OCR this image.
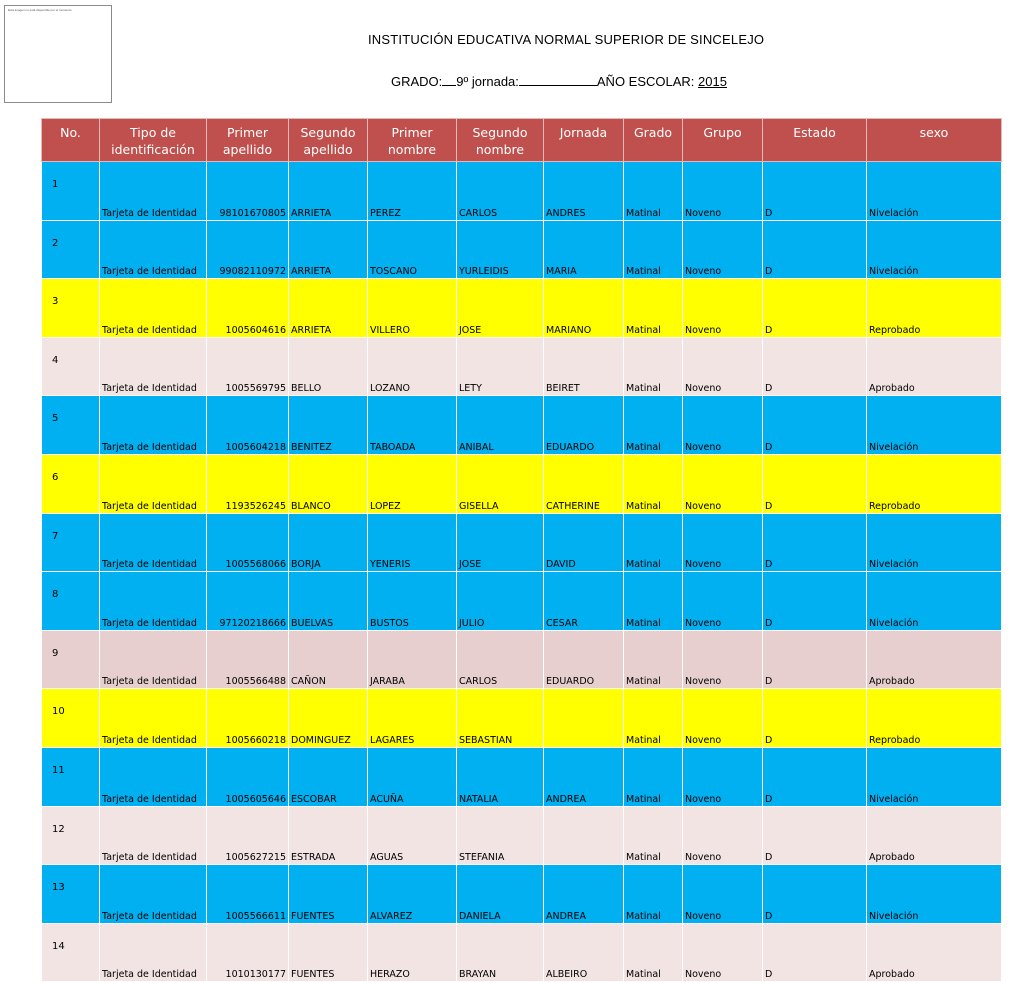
Esta imagen no está disponible por el momento
INSTITUCIÓN EDUCATIVA NORMAL SUPERIOR DE SINCELEJO
GRADO: 9º jornada:	AÑO ESCOLAR: 2015
No.	Tipo de identificación	Primer apellido	Segundo apellido	Primer nombre	Segundo nombre	Jornada	Grado	Grupo	Estado	sexo
1	Tarjeta de Identidad	98101670805	ARRIETA	PEREZ	CARLOS	ANDRES	Matinal	Noveno	D	Nivelación
2	Tarjeta de Identidad	99082110972	ARRIETA	TOSCANO	YURLEIDIS	MARIA	Matinal	Noveno	D	Nivelación
3	Tarjeta de Identidad	1005604616	ARRIETA	VILLERO	JOSE	MARIANO	Matinal	Noveno	D	Reprobado
4	Tarjeta de Identidad	1005569795	BELLO	LOZANO	LETY	BEIRET	Matinal	Noveno	D	Aprobado
5	Tarjeta de Identidad	1005604218	BENITEZ	TABOADA	ANIBAL	EDUARDO	Matinal	Noveno	D	Nivelación
6	Tarjeta de Identidad	1193526245	BLANCO	LOPEZ	GISELLA	CATHERINE	Matinal	Noveno	D	Reprobado
7	Tarjeta de Identidad	1005568066	BORJA	YENERIS	JOSE	DAVID	Matinal	Noveno	D	Nivelación
8	Tarjeta de Identidad	97120218666	BUELVAS	BUSTOS	JULIO	CESAR	Matinal	Noveno	D	Nivelación
9	Tarjeta de Identidad	1005566488	CAÑON	JARABA	CARLOS	EDUARDO	Matinal	Noveno	D	Aprobado
10	Tarjeta de Identidad	1005660218	DOMINGUEZ	LAGARES	SEBASTIAN		Matinal	Noveno	D	Reprobado
11	Tarjeta de Identidad	1005605646	ESCOBAR	ACUÑA	NATALIA	ANDREA	Matinal	Noveno	D	Nivelación
12	Tarjeta de Identidad	1005627215	ESTRADA	AGUAS	STEFANIA		Matinal	Noveno	D	Aprobado
13	Tarjeta de Identidad	1005566611	FUENTES	ALVAREZ	DANIELA	ANDREA	Matinal	Noveno	D	Nivelación
14	Tarjeta de Identidad	1010130177	FUENTES	HERAZO	BRAYAN	ALBEIRO	Matinal	Noveno	D	Aprobado
